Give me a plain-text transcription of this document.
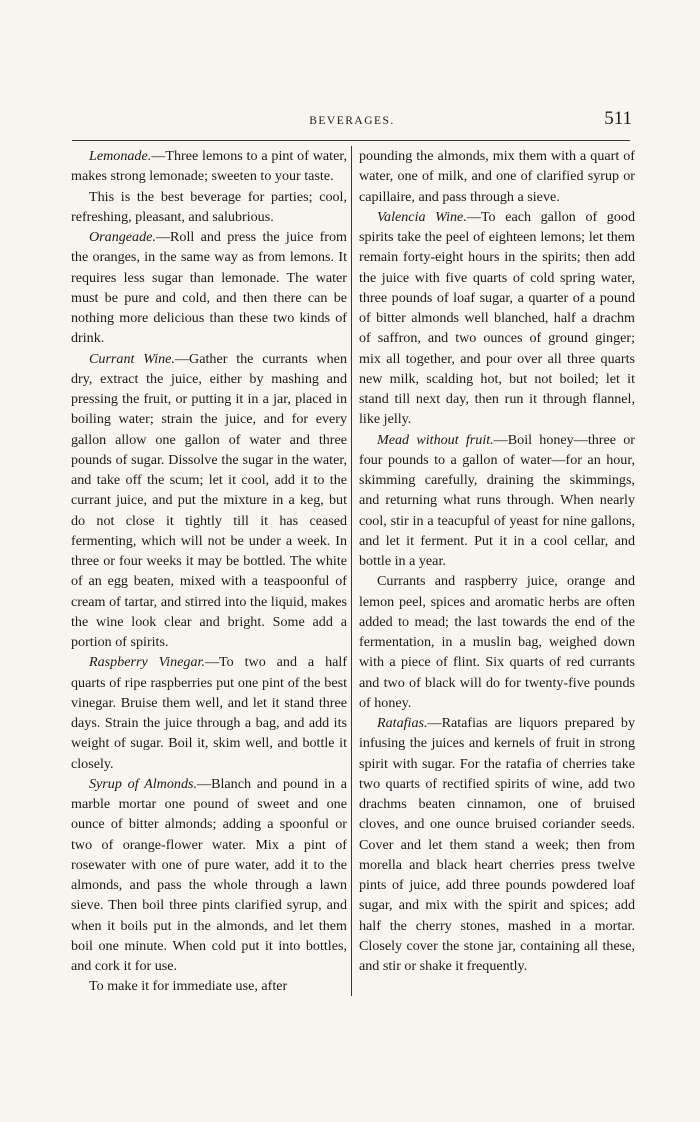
BEVERAGES.	511

Lemonade.—Three lemons to a pint of water, makes strong lemonade; sweeten to your taste.

This is the best beverage for parties; cool, refreshing, pleasant, and salubrious.

Orangeade.—Roll and press the juice from the oranges, in the same way as from lemons. It requires less sugar than lemonade. The water must be pure and cold, and then there can be nothing more delicious than these two kinds of drink.

Currant Wine.—Gather the currants when dry, extract the juice, either by mashing and pressing the fruit, or putting it in a jar, placed in boiling water; strain the juice, and for every gallon allow one gallon of water and three pounds of sugar. Dissolve the sugar in the water, and take off the scum; let it cool, add it to the currant juice, and put the mixture in a keg, but do not close it tightly till it has ceased fermenting, which will not be under a week. In three or four weeks it may be bottled. The white of an egg beaten, mixed with a teaspoonful of cream of tartar, and stirred into the liquid, makes the wine look clear and bright. Some add a portion of spirits.

Raspberry Vinegar.—To two and a half quarts of ripe raspberries put one pint of the best vinegar. Bruise them well, and let it stand three days. Strain the juice through a bag, and add its weight of sugar. Boil it, skim well, and bottle it closely.

Syrup of Almonds.—Blanch and pound in a marble mortar one pound of sweet and one ounce of bitter almonds; adding a spoonful or two of orange-flower water. Mix a pint of rosewater with one of pure water, add it to the almonds, and pass the whole through a lawn sieve. Then boil three pints clarified syrup, and when it boils put in the almonds, and let them boil one minute. When cold put it into bottles, and cork it for use.

To make it for immediate use, after

pounding the almonds, mix them with a quart of water, one of milk, and one of clarified syrup or capillaire, and pass through a sieve.

Valencia Wine.—To each gallon of good spirits take the peel of eighteen lemons; let them remain forty-eight hours in the spirits; then add the juice with five quarts of cold spring water, three pounds of loaf sugar, a quarter of a pound of bitter almonds well blanched, half a drachm of saffron, and two ounces of ground ginger; mix all together, and pour over all three quarts new milk, scalding hot, but not boiled; let it stand till next day, then run it through flannel, like jelly.

Mead without fruit.—Boil honey—three or four pounds to a gallon of water—for an hour, skimming carefully, draining the skimmings, and returning what runs through. When nearly cool, stir in a teacupful of yeast for nine gallons, and let it ferment. Put it in a cool cellar, and bottle in a year.

Currants and raspberry juice, orange and lemon peel, spices and aromatic herbs are often added to mead; the last towards the end of the fermentation, in a muslin bag, weighed down with a piece of flint. Six quarts of red currants and two of black will do for twenty-five pounds of honey.

Ratafias.—Ratafias are liquors prepared by infusing the juices and kernels of fruit in strong spirit with sugar. For the ratafia of cherries take two quarts of rectified spirits of wine, add two drachms beaten cinnamon, one of bruised cloves, and one ounce bruised coriander seeds. Cover and let them stand a week; then from morella and black heart cherries press twelve pints of juice, add three pounds powdered loaf sugar, and mix with the spirit and spices; add half the cherry stones, mashed in a mortar. Closely cover the stone jar, containing all these, and stir or shake it frequently.
